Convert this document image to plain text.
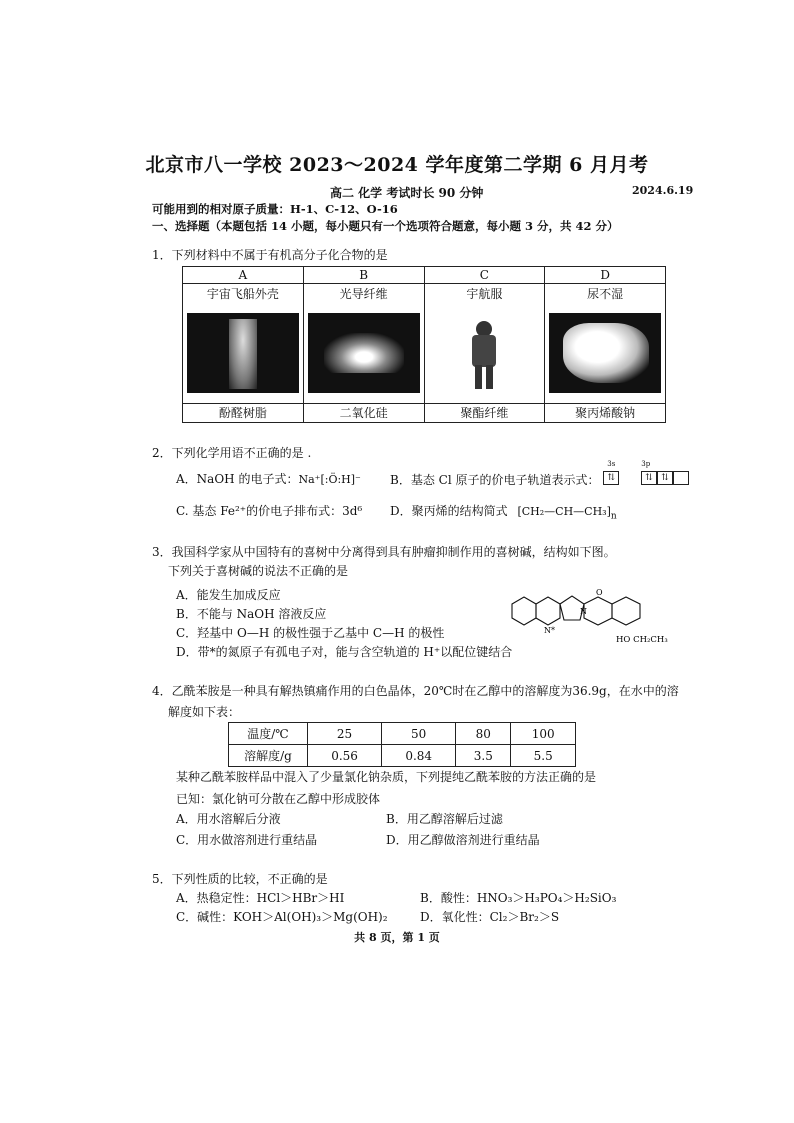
北京市八一学校 2023～2024 学年度第二学期 6 月月考
高二 化学 考试时长 90 分钟	2024.6.19
可能用到的相对原子质量：H-1、C-12、O-16
一、选择题（本题包括 14 小题，每小题只有一个选项符合题意，每小题 3 分，共 42 分）
1．下列材料中不属于有机高分子化合物的是
A	B	C	D
宇宙飞船外壳	光导纤维	宇航服	尿不湿

酚醛树脂	二氧化硅	聚酯纤维	聚丙烯酸钠
2．下列化学用语不正确的是 .
A．NaOH 的电子式：Na⁺[:Ö:H]⁻ B．基态 Cl 原子的价电子轨道表示式：
3s	3p
⇅	⇅ ⇅
C. 基态 Fe²⁺的价电子排布式：3d⁶ D．聚丙烯的结构简式 $[CH_2—CH—CH_3]_n$
3．我国科学家从中国特有的喜树中分离得到具有肿瘤抑制作用的喜树碱，结构如下图。
下列关于喜树碱的说法不正确的是
A．能发生加成反应
B．不能与 NaOH 溶液反应
C．羟基中 O—H 的极性强于乙基中 C—H 的极性
D．带*的氮原子有孤电子对，能与含空轨道的 H⁺以配位键结合
O
N
N*
HO CH₂CH₃
4．乙酰苯胺是一种具有解热镇痛作用的白色晶体，20℃时在乙醇中的溶解度为36.9g，在水中的溶
解度如下表：
温度/℃	25	50	80	100
溶解度/g	0.56	0.84	3.5	5.5
某种乙酰苯胺样品中混入了少量氯化钠杂质，下列提纯乙酰苯胺的方法正确的是
已知：氯化钠可分散在乙醇中形成胶体
A．用水溶解后分液	B．用乙醇溶解后过滤
C．用水做溶剂进行重结晶	D．用乙醇做溶剂进行重结晶
5．下列性质的比较，不正确的是
A．热稳定性：HCl＞HBr＞HI	B．酸性：HNO₃＞H₃PO₄＞H₂SiO₃
C．碱性：KOH＞Al(OH)₃＞Mg(OH)₂	D．氧化性：Cl₂＞Br₂＞S
共 8 页，第 1 页
